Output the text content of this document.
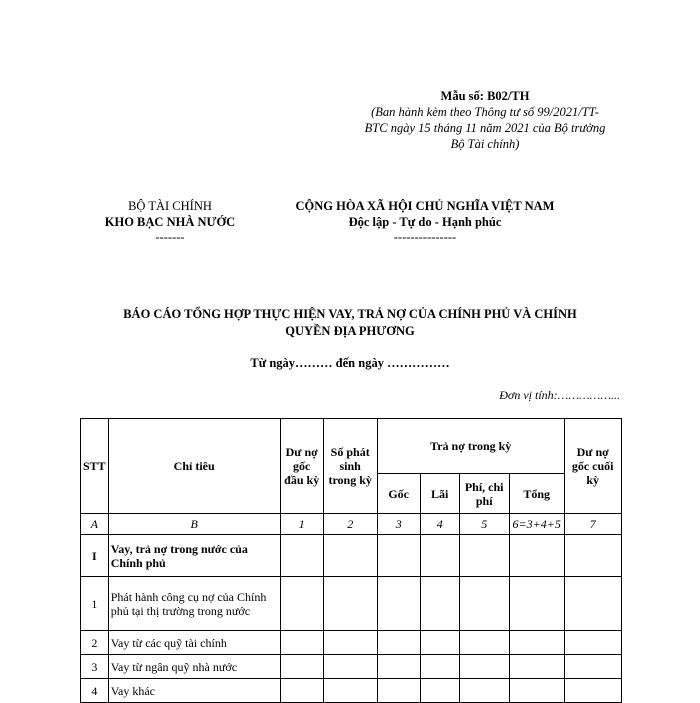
Mẫu số: B02/TH
(Ban hành kèm theo Thông tư số 99/2021/TT-
BTC ngày 15 tháng 11 năm 2021 của Bộ trưởng
Bộ Tài chính)
BỘ TÀI CHÍNH
KHO BẠC NHÀ NƯỚC
-------
CỘNG HÒA XÃ HỘI CHỦ NGHĨA VIỆT NAM
Độc lập - Tự do - Hạnh phúc
---------------
BÁO CÁO TỔNG HỢP THỰC HIỆN VAY, TRẢ NỢ CỦA CHÍNH PHỦ VÀ CHÍNH
QUYỀN ĐỊA PHƯƠNG
Từ ngày……… đến ngày ……………
Đơn vị tính:……………...
STT	Chỉ tiêu	Dư nợ gốc đầu kỳ	Số phát sinh trong kỳ	Trả nợ trong kỳ				Dư nợ gốc cuối kỳ
				Gốc	Lãi	Phí, chi phí	Tổng	
A	B	1	2	3	4	5	6=3+4+5	7
I	Vay, trả nợ trong nước của Chính phủ							
1	Phát hành công cụ nợ của Chính phủ tại thị trường trong nước							
2	Vay từ các quỹ tài chính							
3	Vay từ ngân quỹ nhà nước							
4	Vay khác							
